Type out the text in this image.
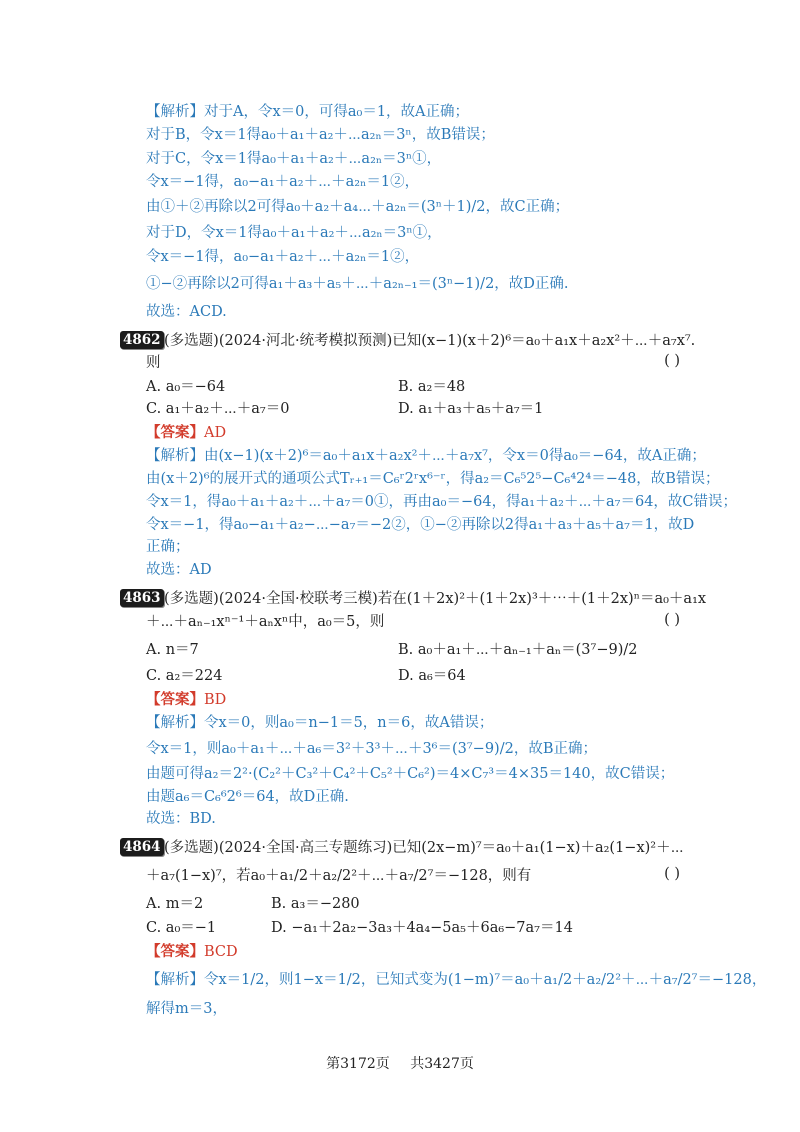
【解析】对于A，令x＝0，可得a₀＝1，故A正确；
对于B，令x＝1得a₀＋a₁＋a₂＋⋯a₂ₙ＝3ⁿ，故B错误；
对于C，令x＝1得a₀＋a₁＋a₂＋⋯a₂ₙ＝3ⁿ①，
令x＝−1得，a₀−a₁＋a₂＋⋯＋a₂ₙ＝1②，
由①＋②再除以2可得a₀＋a₂＋a₄⋯＋a₂ₙ＝(3ⁿ＋1)/2，故C正确；
对于D，令x＝1得a₀＋a₁＋a₂＋⋯a₂ₙ＝3ⁿ①，
令x＝−1得，a₀−a₁＋a₂＋⋯＋a₂ₙ＝1②，
①−②再除以2可得a₁＋a₃＋a₅＋⋯＋a₂ₙ₋₁＝(3ⁿ−1)/2，故D正确.
故选：ACD.
4862 (多选题)(2024·河北·统考模拟预测)已知(x−1)(x＋2)⁶＝a₀＋a₁x＋a₂x²＋⋯＋a₇x⁷.
则	( )
A. a₀＝−64	B. a₂＝48
C. a₁＋a₂＋⋯＋a₇＝0	D. a₁＋a₃＋a₅＋a₇＝1
【答案】AD
【解析】由(x−1)(x＋2)⁶＝a₀＋a₁x＋a₂x²＋⋯＋a₇x⁷，令x＝0得a₀＝−64，故A正确；
由(x＋2)⁶的展开式的通项公式Tᵣ₊₁＝C₆ʳ2ʳx⁶⁻ʳ，得a₂＝C₆⁵2⁵−C₆⁴2⁴＝−48，故B错误；
令x＝1，得a₀＋a₁＋a₂＋⋯＋a₇＝0①，再由a₀＝−64，得a₁＋a₂＋⋯＋a₇＝64，故C错误；
令x＝−1，得a₀−a₁＋a₂−⋯−a₇＝−2②，①−②再除以2得a₁＋a₃＋a₅＋a₇＝1，故D
正确；
故选：AD
4863 (多选题)(2024·全国·校联考三模)若在(1＋2x)²＋(1＋2x)³＋⋯＋(1＋2x)ⁿ＝a₀＋a₁x
＋⋯＋aₙ₋₁xⁿ⁻¹＋aₙxⁿ中，a₀＝5，则	( )
A. n＝7	B. a₀＋a₁＋⋯＋aₙ₋₁＋aₙ＝(3⁷−9)/2
C. a₂＝224	D. a₆＝64
【答案】BD
【解析】令x＝0，则a₀＝n−1＝5，n＝6，故A错误；
令x＝1，则a₀＋a₁＋⋯＋a₆＝3²＋3³＋⋯＋3⁶＝(3⁷−9)/2，故B正确；
由题可得a₂＝2²·(C₂²＋C₃²＋C₄²＋C₅²＋C₆²)＝4×C₇³＝4×35＝140，故C错误；
由题a₆＝C₆⁶2⁶＝64，故D正确.
故选：BD.
4864 (多选题)(2024·全国·高三专题练习)已知(2x−m)⁷＝a₀＋a₁(1−x)＋a₂(1−x)²＋⋯
＋a₇(1−x)⁷，若a₀＋a₁/2＋a₂/2²＋⋯＋a₇/2⁷＝−128，则有	( )
A. m＝2	B. a₃＝−280
C. a₀＝−1	D. −a₁＋2a₂−3a₃＋4a₄−5a₅＋6a₆−7a₇＝14
【答案】BCD
【解析】令x＝1/2，则1−x＝1/2，已知式变为(1−m)⁷＝a₀＋a₁/2＋a₂/2²＋⋯＋a₇/2⁷＝−128，
解得m＝3，
第3172页 共3427页
